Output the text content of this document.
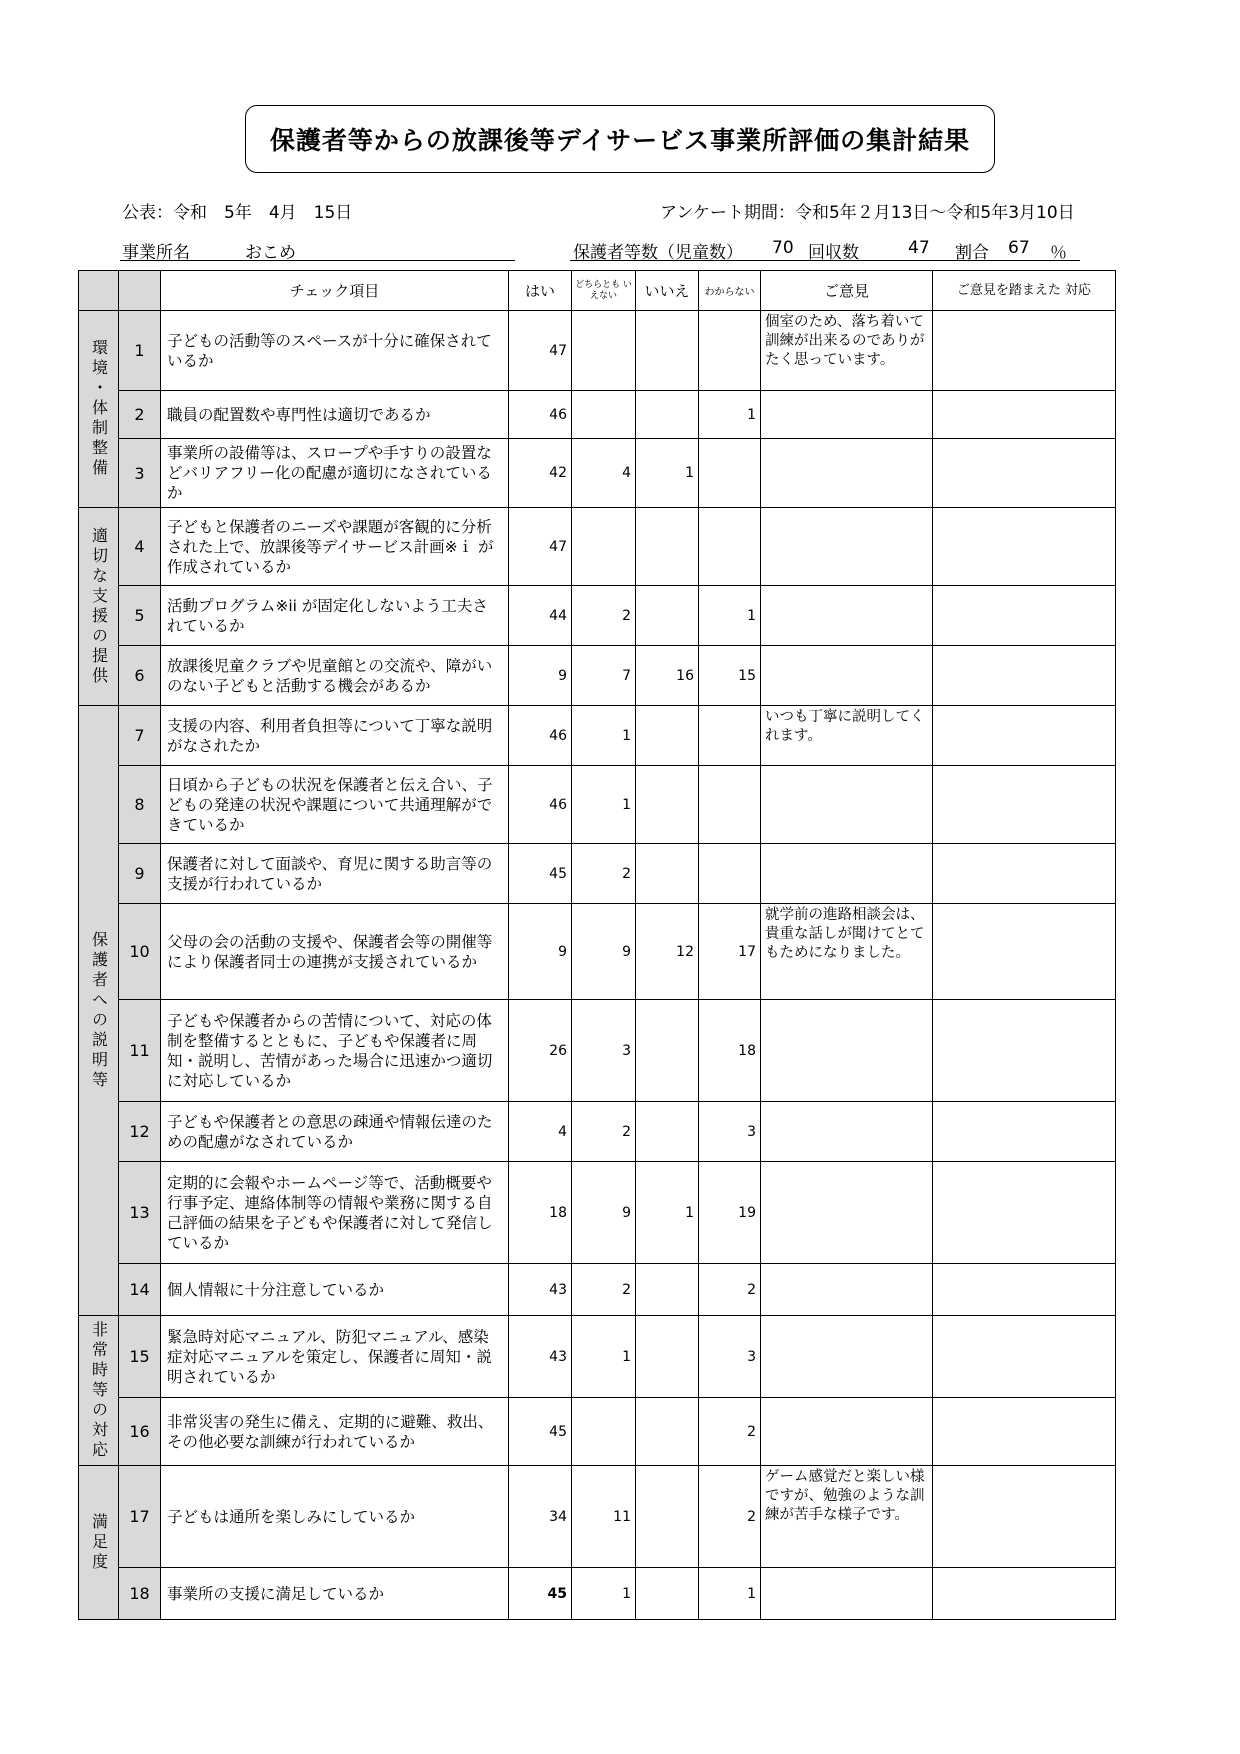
保護者等からの放課後等デイサービス事業所評価の集計結果
公表：令和　5年　4月　15日	アンケート期間：令和5年２月13日～令和5年3月10日
事業所名	おこめ	保護者等数（児童数） 70 回収数	47 割合 67 ％
		チェック項目	はい	どちらとも いえない	いいえ	わからない	ご意見	ご意見を踏まえた 対応

環境・体制整備	1	子どもの活動等のスペースが十分に確保されているか	47				個室のため、落ち着いて訓練が出来るのでありがたく思っています。	
	2	職員の配置数や専門性は適切であるか	46			1		
	3	事業所の設備等は、スロープや手すりの設置などバリアフリー化の配慮が適切になされているか	42	4	1			

適切な支援の提供	4	子どもと保護者のニーズや課題が客観的に分析された上で、放課後等デイサービス計画※ｉ が作成されているか	47					
	5	活動プログラム※ii が固定化しないよう工夫されているか	44	2		1		
	6	放課後児童クラブや児童館との交流や、障がいのない子どもと活動する機会があるか	9	7	16	15		

保護者への説明等	7	支援の内容、利用者負担等について丁寧な説明がなされたか	46	1			いつも丁寧に説明してくれます。	
	8	日頃から子どもの状況を保護者と伝え合い、子どもの発達の状況や課題について共通理解ができているか	46	1				
	9	保護者に対して面談や、育児に関する助言等の支援が行われているか	45	2				
	10	父母の会の活動の支援や、保護者会等の開催等により保護者同士の連携が支援されているか	9	9	12	17	就学前の進路相談会は、貴重な話しが聞けてとてもためになりました。	
	11	子どもや保護者からの苦情について、対応の体制を整備するとともに、子どもや保護者に周知・説明し、苦情があった場合に迅速かつ適切に対応しているか	26	3		18		
	12	子どもや保護者との意思の疎通や情報伝達のための配慮がなされているか	4	2		3		
	13	定期的に会報やホームページ等で、活動概要や行事予定、連絡体制等の情報や業務に関する自己評価の結果を子どもや保護者に対して発信しているか	18	9	1	19		
	14	個人情報に十分注意しているか	43	2		2		

非常時等の対応	15	緊急時対応マニュアル、防犯マニュアル、感染症対応マニュアルを策定し、保護者に周知・説明されているか	43	1		3		
	16	非常災害の発生に備え、定期的に避難、救出、その他必要な訓練が行われているか	45			2		

満足度	17	子どもは通所を楽しみにしているか	34	11		2	ゲーム感覚だと楽しい様ですが、勉強のような訓練が苦手な様子です。	
	18	事業所の支援に満足しているか	45	1		1		
